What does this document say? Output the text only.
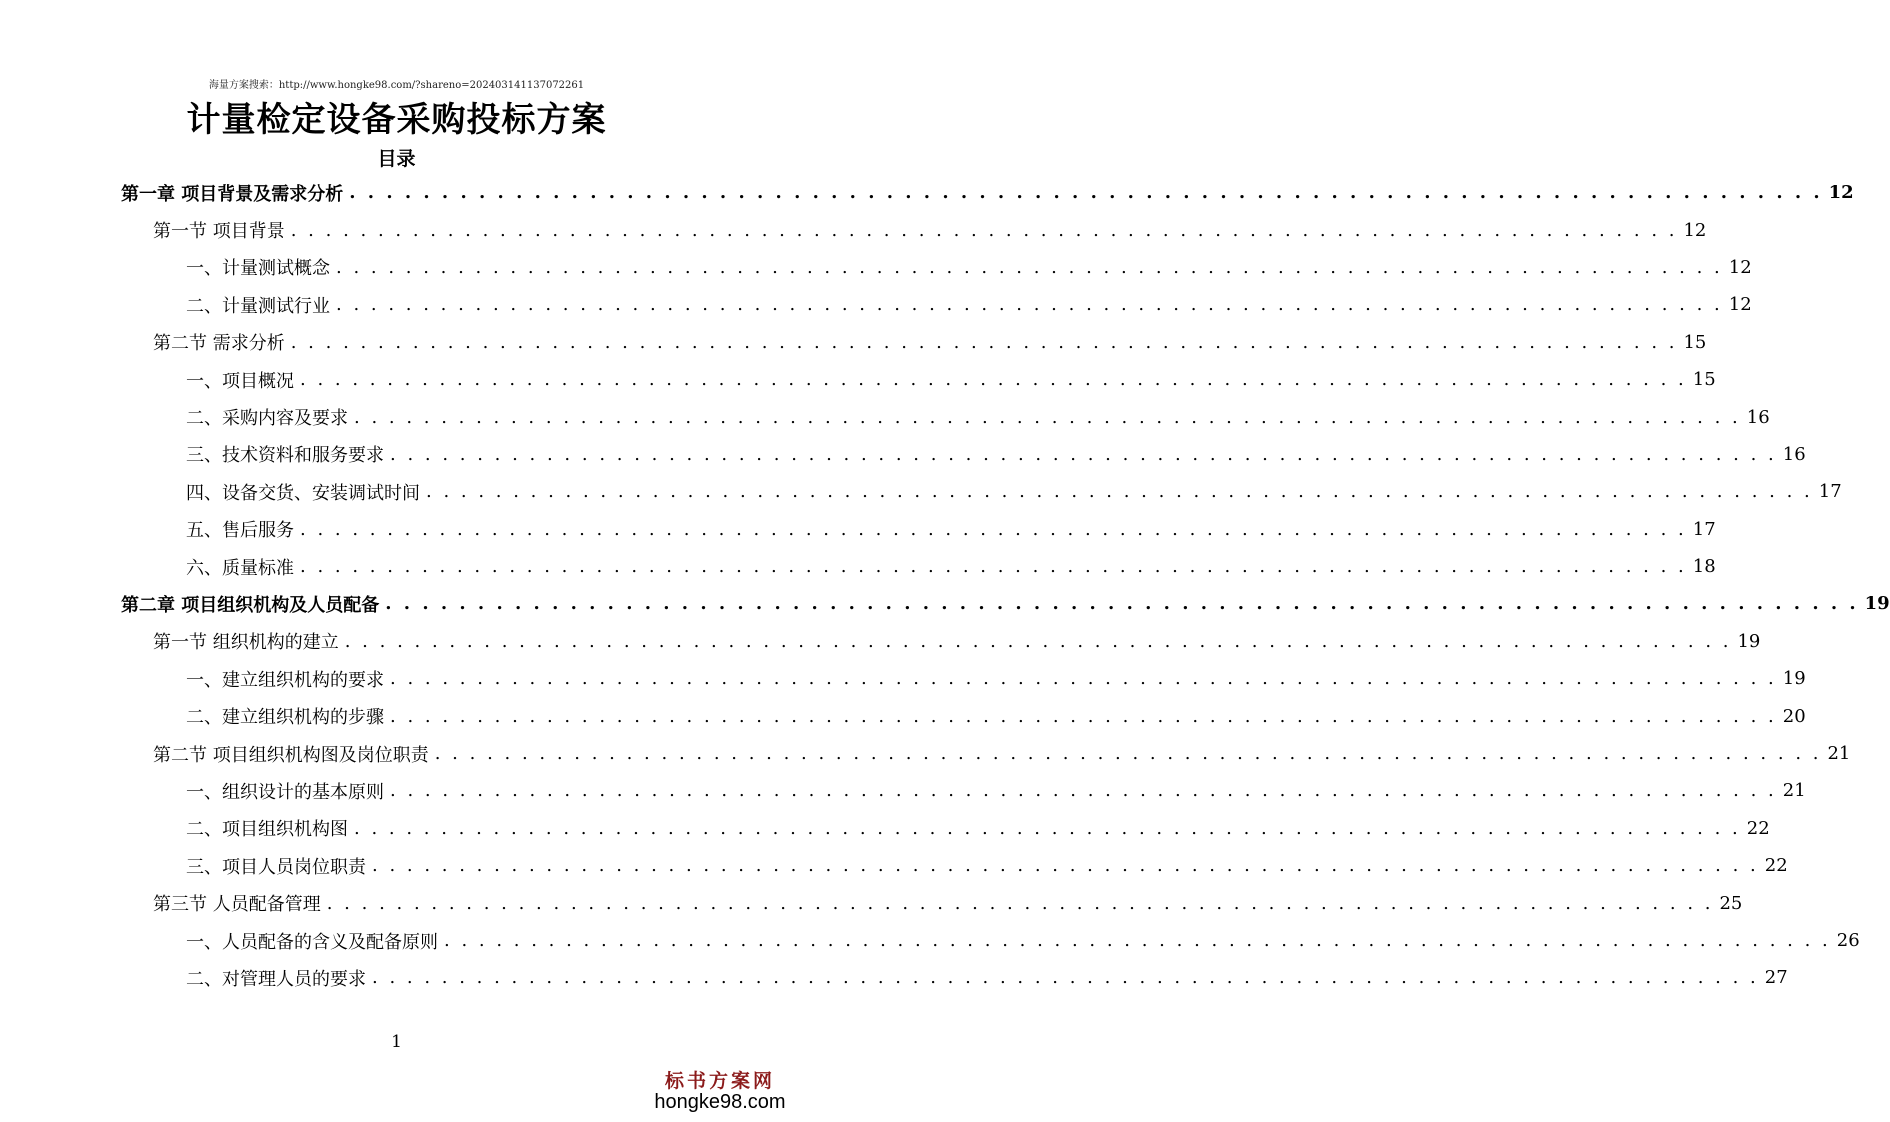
海量方案搜索：http://www.hongke98.com/?shareno=202403141137072261
计量检定设备采购投标方案
目录
第一章 项目背景及需求分析 . . . . . . . . . . . . . . . . . . . . . . . . . . . . . . . . . . . . . . . . . . . . . . . . . . . . . . . . . . . . . . . . . . . . . . . . . . . . . . . . 12
第一节 项目背景 . . . . . . . . . . . . . . . . . . . . . . . . . . . . . . . . . . . . . . . . . . . . . . . . . . . . . . . . . . . . . . . . . . . . . . . . . . . . . . . . 12
一、计量测试概念 . . . . . . . . . . . . . . . . . . . . . . . . . . . . . . . . . . . . . . . . . . . . . . . . . . . . . . . . . . . . . . . . . . . . . . . . . . . . . . . . 12
二、计量测试行业 . . . . . . . . . . . . . . . . . . . . . . . . . . . . . . . . . . . . . . . . . . . . . . . . . . . . . . . . . . . . . . . . . . . . . . . . . . . . . . . . 12
第二节 需求分析 . . . . . . . . . . . . . . . . . . . . . . . . . . . . . . . . . . . . . . . . . . . . . . . . . . . . . . . . . . . . . . . . . . . . . . . . . . . . . . . . 15
一、项目概况 . . . . . . . . . . . . . . . . . . . . . . . . . . . . . . . . . . . . . . . . . . . . . . . . . . . . . . . . . . . . . . . . . . . . . . . . . . . . . . . . 15
二、采购内容及要求 . . . . . . . . . . . . . . . . . . . . . . . . . . . . . . . . . . . . . . . . . . . . . . . . . . . . . . . . . . . . . . . . . . . . . . . . . . . . . . . . 16
三、技术资料和服务要求 . . . . . . . . . . . . . . . . . . . . . . . . . . . . . . . . . . . . . . . . . . . . . . . . . . . . . . . . . . . . . . . . . . . . . . . . . . . . . . . . 16
四、设备交货、安装调试时间 . . . . . . . . . . . . . . . . . . . . . . . . . . . . . . . . . . . . . . . . . . . . . . . . . . . . . . . . . . . . . . . . . . . . . . . . . . . . . . . . 17
五、售后服务 . . . . . . . . . . . . . . . . . . . . . . . . . . . . . . . . . . . . . . . . . . . . . . . . . . . . . . . . . . . . . . . . . . . . . . . . . . . . . . . . 17
六、质量标准 . . . . . . . . . . . . . . . . . . . . . . . . . . . . . . . . . . . . . . . . . . . . . . . . . . . . . . . . . . . . . . . . . . . . . . . . . . . . . . . . 18
第二章 项目组织机构及人员配备 . . . . . . . . . . . . . . . . . . . . . . . . . . . . . . . . . . . . . . . . . . . . . . . . . . . . . . . . . . . . . . . . . . . . . . . . . . . . . . . . 19
第一节 组织机构的建立 . . . . . . . . . . . . . . . . . . . . . . . . . . . . . . . . . . . . . . . . . . . . . . . . . . . . . . . . . . . . . . . . . . . . . . . . . . . . . . . . 19
一、建立组织机构的要求 . . . . . . . . . . . . . . . . . . . . . . . . . . . . . . . . . . . . . . . . . . . . . . . . . . . . . . . . . . . . . . . . . . . . . . . . . . . . . . . . 19
二、建立组织机构的步骤 . . . . . . . . . . . . . . . . . . . . . . . . . . . . . . . . . . . . . . . . . . . . . . . . . . . . . . . . . . . . . . . . . . . . . . . . . . . . . . . . 20
第二节 项目组织机构图及岗位职责 . . . . . . . . . . . . . . . . . . . . . . . . . . . . . . . . . . . . . . . . . . . . . . . . . . . . . . . . . . . . . . . . . . . . . . . . . . . . . . . . 21
一、组织设计的基本原则 . . . . . . . . . . . . . . . . . . . . . . . . . . . . . . . . . . . . . . . . . . . . . . . . . . . . . . . . . . . . . . . . . . . . . . . . . . . . . . . . 21
二、项目组织机构图 . . . . . . . . . . . . . . . . . . . . . . . . . . . . . . . . . . . . . . . . . . . . . . . . . . . . . . . . . . . . . . . . . . . . . . . . . . . . . . . . 22
三、项目人员岗位职责 . . . . . . . . . . . . . . . . . . . . . . . . . . . . . . . . . . . . . . . . . . . . . . . . . . . . . . . . . . . . . . . . . . . . . . . . . . . . . . . . 22
第三节 人员配备管理 . . . . . . . . . . . . . . . . . . . . . . . . . . . . . . . . . . . . . . . . . . . . . . . . . . . . . . . . . . . . . . . . . . . . . . . . . . . . . . . . 25
一、人员配备的含义及配备原则 . . . . . . . . . . . . . . . . . . . . . . . . . . . . . . . . . . . . . . . . . . . . . . . . . . . . . . . . . . . . . . . . . . . . . . . . . . . . . . . . 26
二、对管理人员的要求 . . . . . . . . . . . . . . . . . . . . . . . . . . . . . . . . . . . . . . . . . . . . . . . . . . . . . . . . . . . . . . . . . . . . . . . . . . . . . . . . 27
1
标书方案网
hongke98.com
